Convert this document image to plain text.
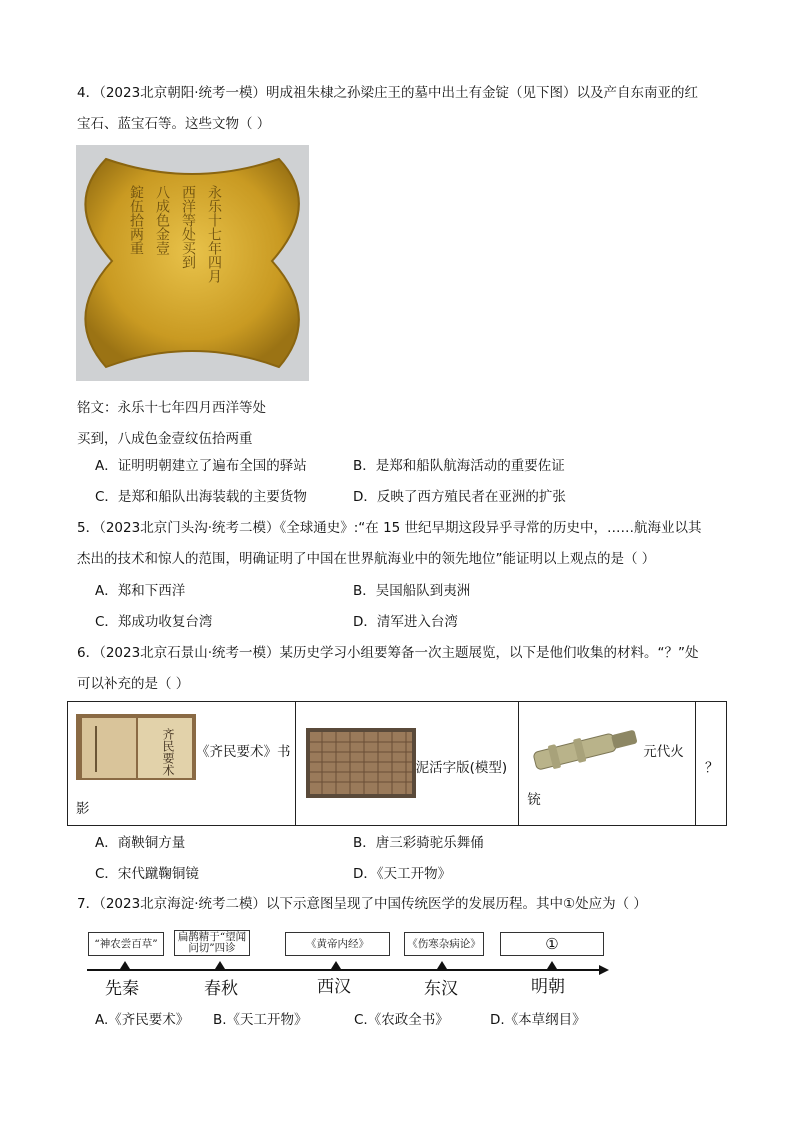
4．（2023北京朝阳·统考一模）明成祖朱棣之孙梁庄王的墓中出土有金锭（见下图）以及产自东南亚的红
宝石、蓝宝石等。这些文物（ ）
永乐十七年四月
西洋等处买到
八成色金壹
錠伍拾两重
铭文：永乐十七年四月西洋等处
买到，八成色金壹纹伍拾两重
A．证明明朝建立了遍布全国的驿站	B．是郑和船队航海活动的重要佐证
C．是郑和船队出海装载的主要货物	D．反映了西方殖民者在亚洲的扩张
5．（2023北京门头沟·统考二模）《全球通史》:“在 15 世纪早期这段异乎寻常的历史中，……航海业以其
杰出的技术和惊人的范围，明确证明了中国在世界航海业中的领先地位”能证明以上观点的是（ ）
A．郑和下西洋	B．吴国船队到夷洲
C．郑成功收复台湾	D．清军进入台湾
6．（2023北京石景山·统考一模）某历史学习小组要筹备一次主题展览，以下是他们收集的材料。“？”处
可以补充的是（ ）
齐民要术 《齐民要术》书
影

泥活字版(模型)

元代火
铳

？
A．商鞅铜方量	B．唐三彩骑驼乐舞俑
C．宋代蹴鞠铜镜	D．《天工开物》
7．（2023北京海淀·统考二模）以下示意图呈现了中国传统医学的发展历程。其中①处应为（ ）
“神农尝百草”
扁鹊精于“望闻问切”四诊	《黄帝内经》	《伤寒杂病论》	①
先秦	春秋	西汉	东汉	明朝
A.《齐民要术》 B.《天工开物》	C.《农政全书》	D.《本草纲目》
